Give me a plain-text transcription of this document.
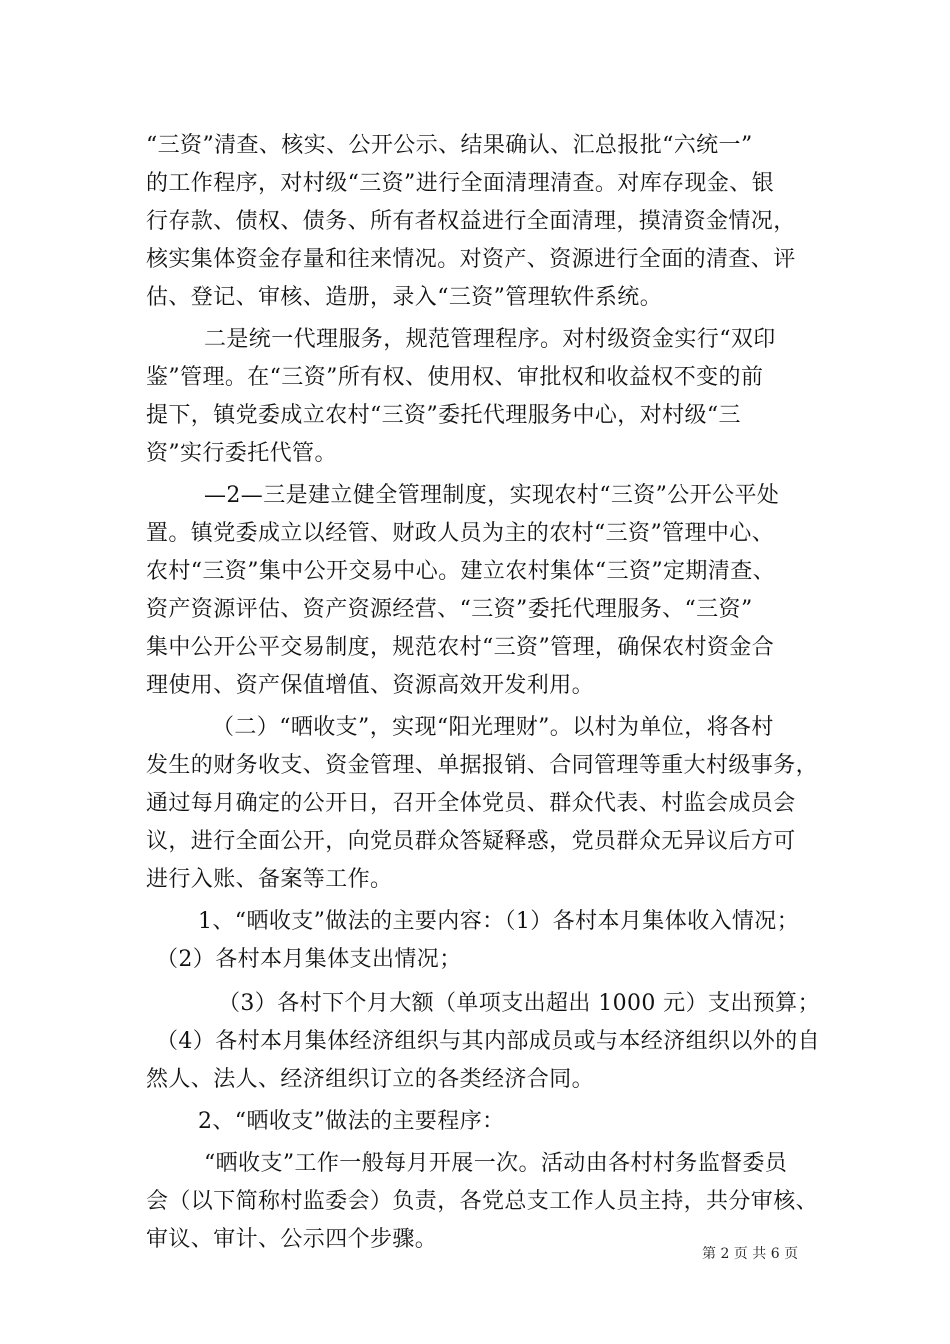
“三资”清查、核实、公开公示、结果确认、汇总报批“六统一”
的工作程序，对村级“三资”进行全面清理清查。对库存现金、银
行存款、债权、债务、所有者权益进行全面清理，摸清资金情况，
核实集体资金存量和往来情况。对资产、资源进行全面的清查、评
估、登记、审核、造册，录入“三资”管理软件系统。
二是统一代理服务，规范管理程序。对村级资金实行“双印
鉴”管理。在“三资”所有权、使用权、审批权和收益权不变的前
提下，镇党委成立农村“三资”委托代理服务中心，对村级“三
资”实行委托代管。
—2—三是建立健全管理制度，实现农村“三资”公开公平处
置。镇党委成立以经管、财政人员为主的农村“三资”管理中心、
农村“三资”集中公开交易中心。建立农村集体“三资”定期清查、
资产资源评估、资产资源经营、“三资”委托代理服务、“三资”
集中公开公平交易制度，规范农村“三资”管理，确保农村资金合
理使用、资产保值增值、资源高效开发利用。
（二）“晒收支”，实现“阳光理财”。以村为单位，将各村
发生的财务收支、资金管理、单据报销、合同管理等重大村级事务，
通过每月确定的公开日，召开全体党员、群众代表、村监会成员会
议，进行全面公开，向党员群众答疑释惑，党员群众无异议后方可
进行入账、备案等工作。
1、“晒收支”做法的主要内容：（1）各村本月集体收入情况；
（2）各村本月集体支出情况；
（3）各村下个月大额（单项支出超出 1000 元）支出预算；
（4）各村本月集体经济组织与其内部成员或与本经济组织以外的自
然人、法人、经济组织订立的各类经济合同。
2、“晒收支”做法的主要程序：
“晒收支”工作一般每月开展一次。活动由各村村务监督委员
会（以下简称村监委会）负责，各党总支工作人员主持，共分审核、
审议、审计、公示四个步骤。
第 2 页 共 6 页
